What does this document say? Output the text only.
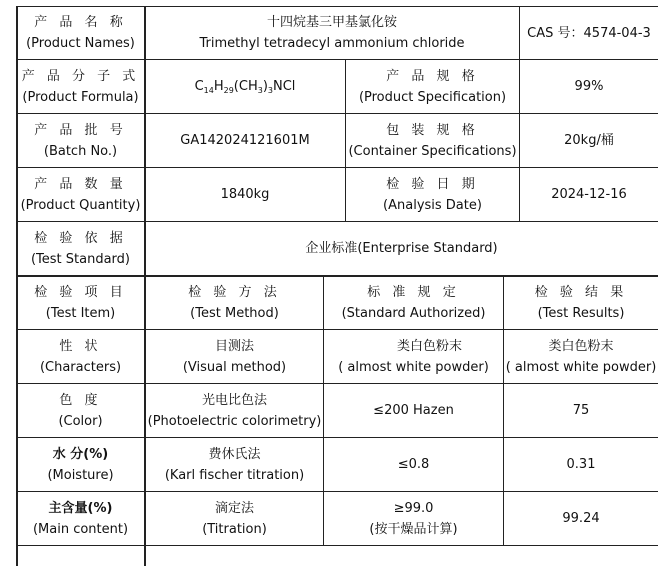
产 品 名 称
(Product Names)
十四烷基三甲基氯化铵
Trimethyl tetradecyl ammonium chloride
CAS 号：4574-04-3
产 品 分 子 式
(Product Formula)
$C_{14}H_{29}(CH_3)_3NCl$
产 品 规 格
(Product Specification)
99%
产 品 批 号
(Batch No.)
GA142024121601M
包 装 规 格
(Container Specifications)
20kg/桶
产 品 数 量
(Product Quantity)
1840kg
检 验 日 期
(Analysis Date)
2024-12-16
检 验 依 据
(Test Standard)
企业标准(Enterprise Standard)
检 验 项 目
(Test Item)
检 验 方 法
(Test Method)
标 准 规 定
(Standard Authorized)
检 验 结 果
(Test Results)
性 状
(Characters)
目测法
(Visual method)
类白色粉末
( almost white powder)
类白色粉末
( almost white powder)
色 度
(Color)
光电比色法
(Photoelectric colorimetry)
≤200 Hazen	75
水 分(%)
(Moisture)
费休氏法
(Karl fischer titration)
≤0.8	0.31
主含量(%)
(Main content)
滴定法
(Titration)
≥99.0
(按干燥品计算)
99.24
